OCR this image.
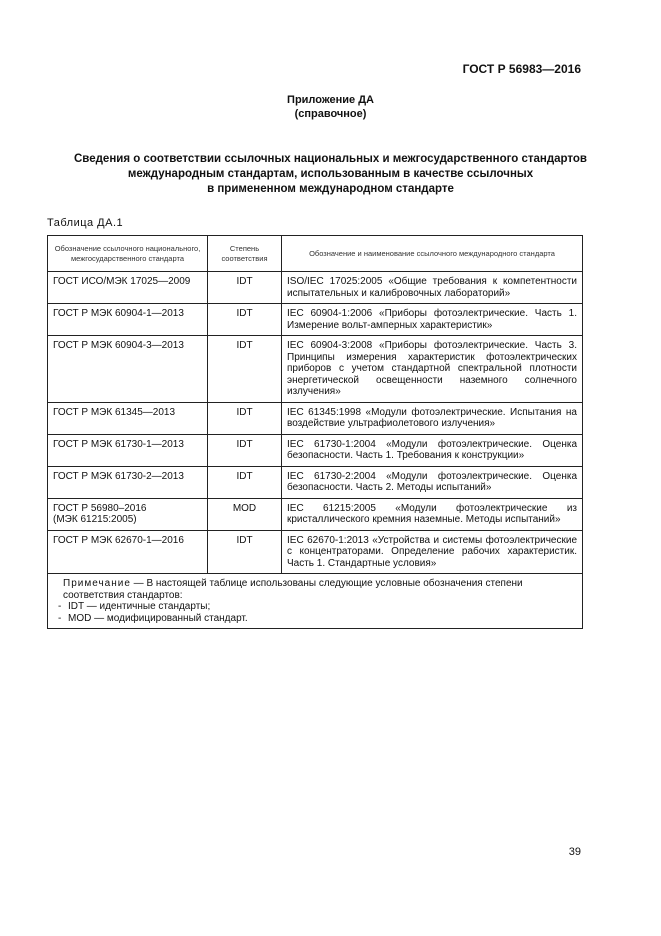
ГОСТ Р 56983—2016
Приложение ДА
(справочное)
Сведения о соответствии ссылочных национальных и межгосударственного стандартов
международным стандартам, использованным в качестве ссылочных
в примененном международном стандарте
Таблица ДА.1
Обозначение ссылочного национального, межгосударственного стандарта	Степень соответствия	Обозначение и наименование ссылочного международного стандарта
ГОСТ ИСО/МЭК 17025—2009	IDT	ISO/IEC 17025:2005 «Общие требования к компетентности испытательных и калибровочных лабораторий»
ГОСТ Р МЭК 60904-1—2013	IDT	IEC 60904-1:2006 «Приборы фотоэлектрические. Часть 1. Измерение вольт-амперных характеристик»
ГОСТ Р МЭК 60904-3—2013	IDT	IEC 60904-3:2008 «Приборы фотоэлектрические. Часть 3. Принципы измерения характеристик фотоэлектрических приборов с учетом стандартной спектральной плотности энергетической освещенности наземного солнечного излучения»
ГОСТ Р МЭК 61345—2013	IDT	IEC 61345:1998 «Модули фотоэлектрические. Испытания на воздействие ультрафиолетового излучения»
ГОСТ Р МЭК 61730-1—2013	IDT	IEC 61730-1:2004 «Модули фотоэлектрические. Оценка безопасности. Часть 1. Требования к конструкции»
ГОСТ Р МЭК 61730-2—2013	IDT	IEC 61730-2:2004 «Модули фотоэлектрические. Оценка безопасности. Часть 2. Методы испытаний»

ГОСТ Р 56980–2016
(МЭК 61215:2005)	MOD	IEC 61215:2005 «Модули фотоэлектрические из кристаллического кремния наземные. Методы испытаний»
ГОСТ Р МЭК 62670-1—2016	IDT	IEC 62670-1:2013 «Устройства и системы фотоэлектрические с концентраторами. Определение рабочих характеристик. Часть 1. Стандартные условия»

Примечание — В настоящей таблице использованы следующие условные обозначения степени соответствия стандартов:
- IDT — идентичные стандарты;
- MOD — модифицированный стандарт.		
39
